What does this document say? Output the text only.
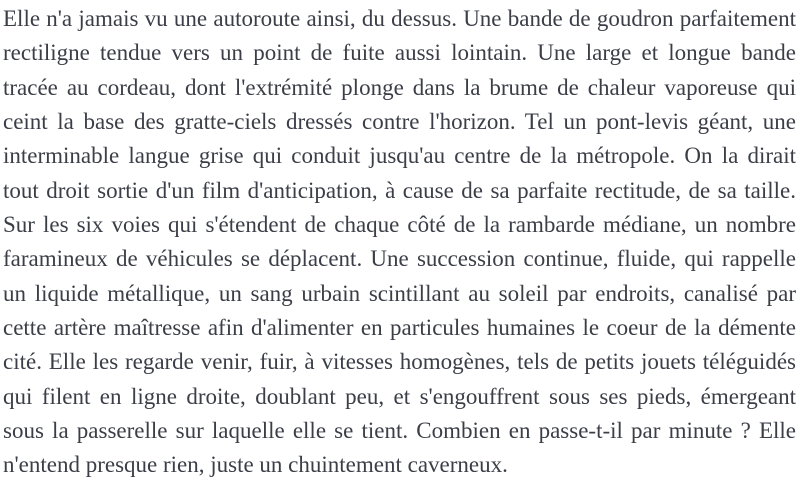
Elle n'a jamais vu une autoroute ainsi, du dessus. Une bande de goudron parfaitement
rectiligne tendue vers un point de fuite aussi lointain. Une large et longue bande
tracée au cordeau, dont l'extrémité plonge dans la brume de chaleur vaporeuse qui
ceint la base des gratte-ciels dressés contre l'horizon. Tel un pont-levis géant, une
interminable langue grise qui conduit jusqu'au centre de la métropole. On la dirait
tout droit sortie d'un film d'anticipation, à cause de sa parfaite rectitude, de sa taille.
Sur les six voies qui s'étendent de chaque côté de la rambarde médiane, un nombre
faramineux de véhicules se déplacent. Une succession continue, fluide, qui rappelle
un liquide métallique, un sang urbain scintillant au soleil par endroits, canalisé par
cette artère maîtresse afin d'alimenter en particules humaines le coeur de la démente
cité. Elle les regarde venir, fuir, à vitesses homogènes, tels de petits jouets téléguidés
qui filent en ligne droite, doublant peu, et s'engouffrent sous ses pieds, émergeant
sous la passerelle sur laquelle elle se tient. Combien en passe-t-il par minute ? Elle
n'entend presque rien, juste un chuintement caverneux.
